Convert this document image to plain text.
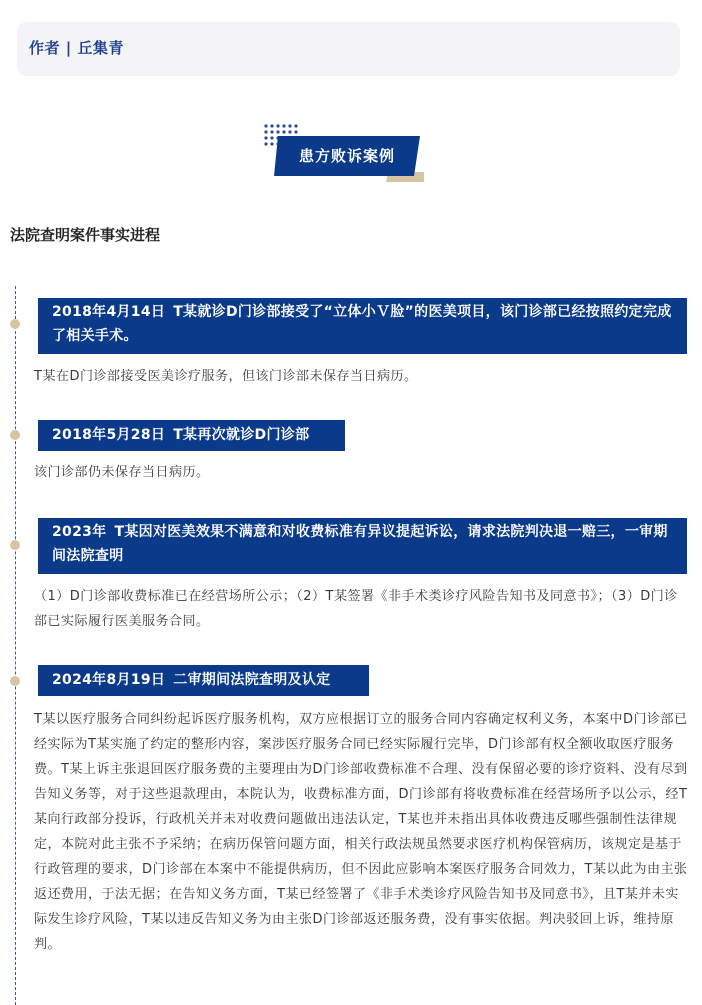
作者 | 丘集青
患方败诉案例
法院查明案件事实进程
2018年4月14日 T某就诊D门诊部接受了“立体小Ｖ脸”的医美项目，该门诊部已经按照约定完成了相关手术。
T某在D门诊部接受医美诊疗服务，但该门诊部未保存当日病历。
2018年5月28日 T某再次就诊D门诊部
该门诊部仍未保存当日病历。
2023年 T某因对医美效果不满意和对收费标准有异议提起诉讼，请求法院判决退一赔三，一审期间法院查明
（1）D门诊部收费标准已在经营场所公示；（2）T某签署《非手术类诊疗风险告知书及同意书》；（3）D门诊部已实际履行医美服务合同。
2024年8月19日 二审期间法院查明及认定
T某以医疗服务合同纠纷起诉医疗服务机构，双方应根据订立的服务合同内容确定权利义务，本案中D门诊部已经实际为T某实施了约定的整形内容，案涉医疗服务合同已经实际履行完毕，D门诊部有权全额收取医疗服务费。T某上诉主张退回医疗服务费的主要理由为D门诊部收费标准不合理、没有保留必要的诊疗资料、没有尽到告知义务等，对于这些退款理由，本院认为，收费标准方面，D门诊部有将收费标准在经营场所予以公示，经T某向行政部分投诉，行政机关并未对收费问题做出违法认定，T某也并未指出具体收费违反哪些强制性法律规定，本院对此主张不予采纳；在病历保管问题方面，相关行政法规虽然要求医疗机构保管病历，该规定是基于行政管理的要求，D门诊部在本案中不能提供病历，但不因此应影响本案医疗服务合同效力，T某以此为由主张返还费用，于法无据；在告知义务方面，T某已经签署了《非手术类诊疗风险告知书及同意书》，且T某并未实际发生诊疗风险，T某以违反告知义务为由主张D门诊部返还服务费，没有事实依据。判决驳回上诉，维持原判。
